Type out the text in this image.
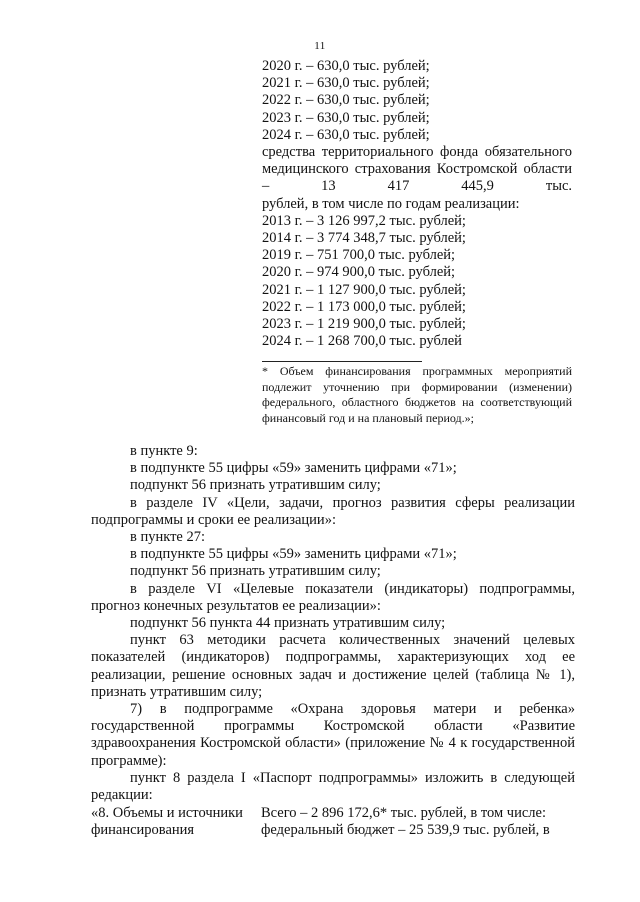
11
2020 г. – 630,0 тыс. рублей;
2021 г. – 630,0 тыс. рублей;
2022 г. – 630,0 тыс. рублей;
2023 г. – 630,0 тыс. рублей;
2024 г. – 630,0 тыс. рублей;
средства территориального фонда обязательного медицинского страхования Костромской области – 13 417 445,9 тыс.
рублей, в том числе по годам реализации:
2013 г. – 3 126 997,2 тыс. рублей;
2014 г. – 3 774 348,7 тыс. рублей;
2019 г. – 751 700,0 тыс. рублей;
2020 г. – 974 900,0 тыс. рублей;
2021 г. – 1 127 900,0 тыс. рублей;
2022 г. – 1 173 000,0 тыс. рублей;
2023 г. – 1 219 900,0 тыс. рублей;
2024 г. – 1 268 700,0 тыс. рублей
* Объем финансирования программных мероприятий подлежит уточнению при формировании (изменении) федерального, областного бюджетов на соответствующий финансовый год и на плановый период.»;
в пункте 9:
в подпункте 55 цифры «59» заменить цифрами «71»;
подпункт 56 признать утратившим силу;
в разделе IV «Цели, задачи, прогноз развития сферы реализации подпрограммы и сроки ее реализации»:
в пункте 27:
в подпункте 55 цифры «59» заменить цифрами «71»;
подпункт 56 признать утратившим силу;
в разделе VI «Целевые показатели (индикаторы) подпрограммы, прогноз конечных результатов ее реализации»:
подпункт 56 пункта 44 признать утратившим силу;
пункт 63 методики расчета количественных значений целевых показателей (индикаторов) подпрограммы, характеризующих ход ее реализации, решение основных задач и достижение целей (таблица № 1), признать утратившим силу;
7) в подпрограмме «Охрана здоровья матери и ребенка» государственной программы Костромской области «Развитие здравоохранения Костромской области» (приложение № 4 к государственной программе):
пункт 8 раздела I «Паспорт подпрограммы» изложить в следующей редакции:
«8. Объемы и источники финансирования
Всего – 2 896 172,6* тыс. рублей, в том числе: федеральный бюджет – 25 539,9 тыс. рублей, в
